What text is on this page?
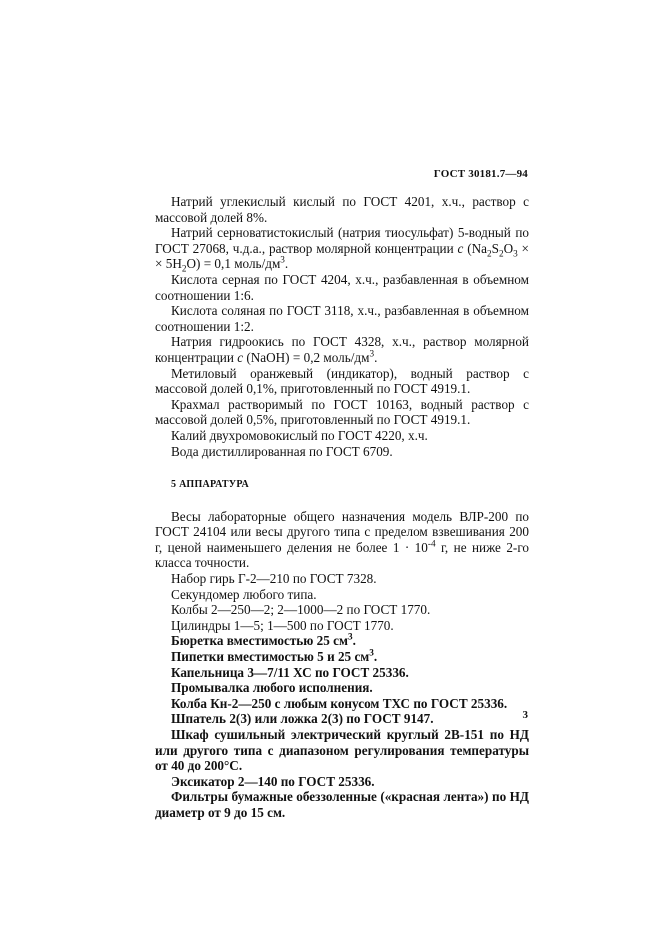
ГОСТ 30181.7—94

Натрий углекислый кислый по ГОСТ 4201, х.ч., раствор с массовой долей 8%.

Натрий серноватистокислый (натрия тиосульфат) 5-водный по ГОСТ 27068, ч.д.а., раствор молярной концентрации c ($Na_2S_2O_3$ × × $5H_2O) = 0,1$ моль/$дм^3$.

Кислота серная по ГОСТ 4204, х.ч., разбавленная в объемном соотношении 1:6.

Кислота соляная по ГОСТ 3118, х.ч., разбавленная в объемном соотношении 1:2.

Натрия гидроокись по ГОСТ 4328, х.ч., раствор молярной концентрации c (NaOH) = 0,2 моль/$дм^3$.

Метиловый оранжевый (индикатор), водный раствор с массовой долей 0,1%, приготовленный по ГОСТ 4919.1.

Крахмал растворимый по ГОСТ 10163, водный раствор с массовой долей 0,5%, приготовленный по ГОСТ 4919.1.

Калий двухромовокислый по ГОСТ 4220, х.ч.

Вода дистиллированная по ГОСТ 6709.

5 АППАРАТУРА

Весы лабораторные общего назначения модель ВЛР-200 по ГОСТ 24104 или весы другого типа с пределом взвешивания 200 г, ценой наименьшего деления не более $1 \cdot 10^{-4}$ г, не ниже 2-го класса точности.

Набор гирь Г-2—210 по ГОСТ 7328.

Секундомер любого типа.

Колбы 2—250—2; 2—1000—2 по ГОСТ 1770.

Цилиндры 1—5; 1—500 по ГОСТ 1770.

Бюретка вместимостью 25 $см^3$.

Пипетки вместимостью 5 и 25 $см^3$.

Капельница 3—7/11 ХС по ГОСТ 25336.

Промывалка любого исполнения.

Колба Кн-2—250 с любым конусом ТХС по ГОСТ 25336.

Шпатель 2(3) или ложка 2(3) по ГОСТ 9147.

Шкаф сушильный электрический круглый 2В-151 по НД или другого типа с диапазоном регулирования температуры от 40 до 200°С.

Эксикатор 2—140 по ГОСТ 25336.

Фильтры бумажные обеззоленные («красная лента») по НД диаметр от 9 до 15 см.

3
